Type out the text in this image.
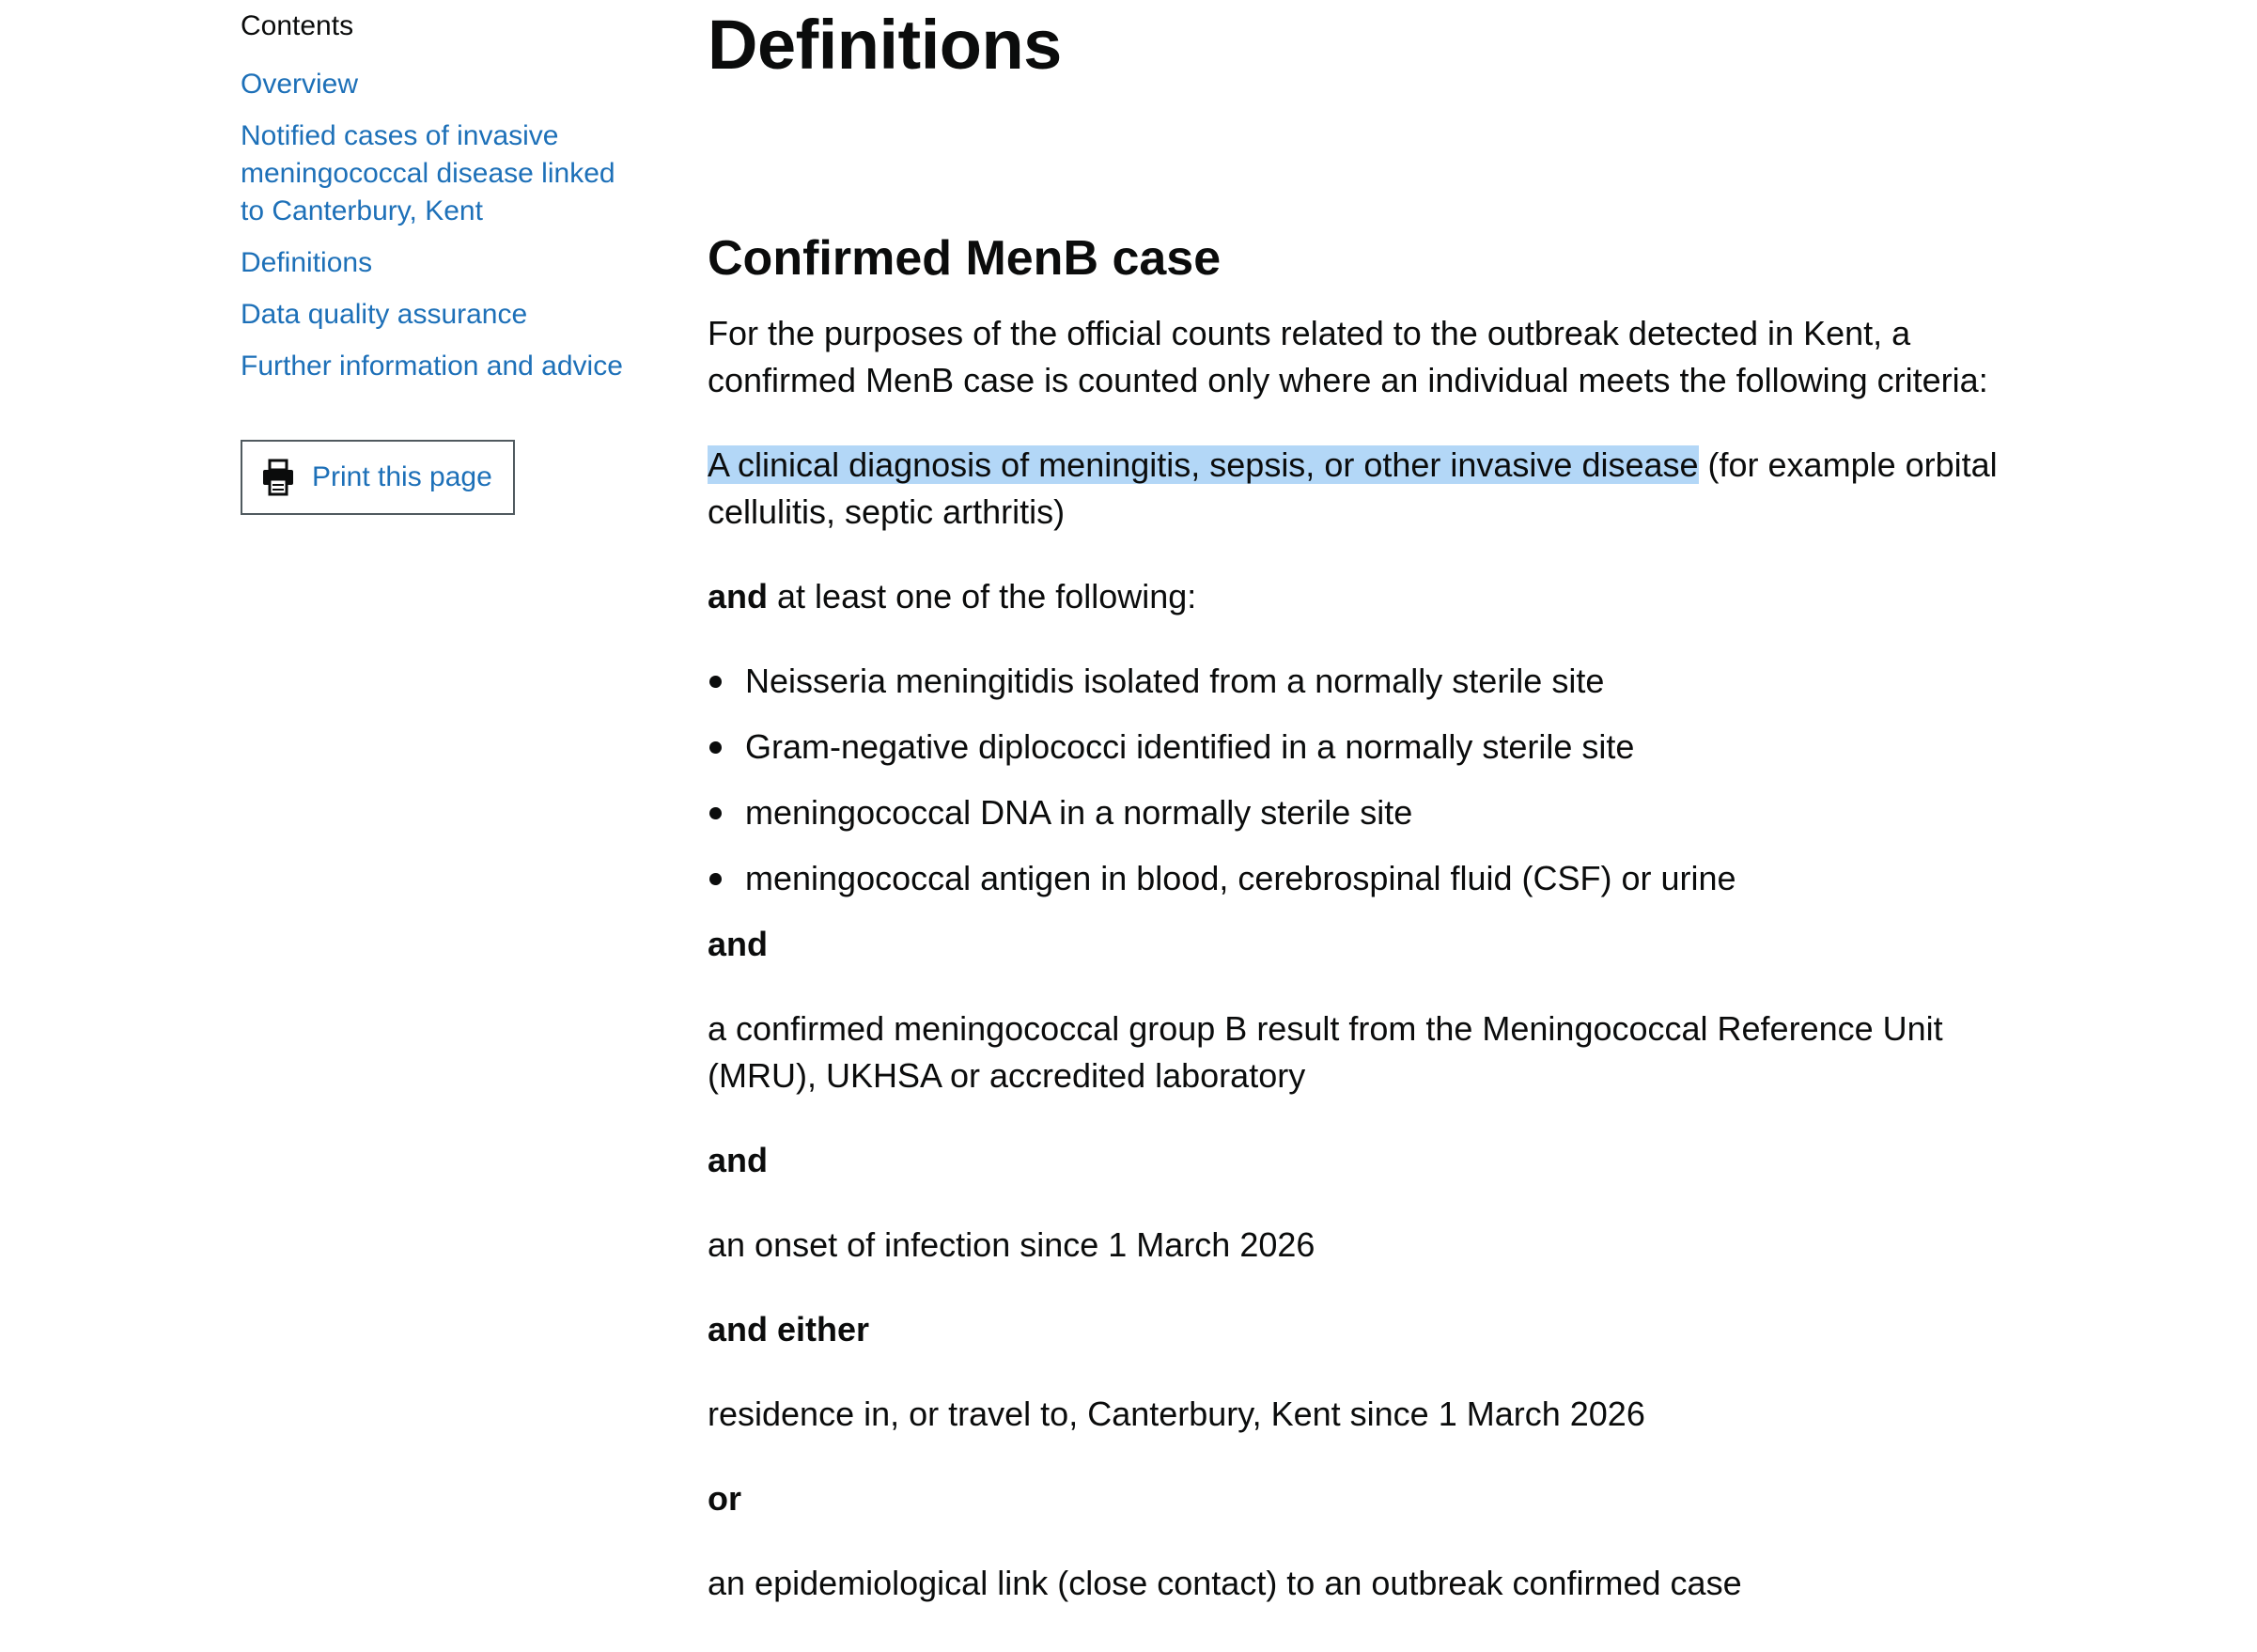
Contents
Overview
Notified cases of invasive meningococcal disease linked to Canterbury, Kent
Definitions
Data quality assurance
Further information and advice
Print this page
Definitions
Confirmed MenB case

For the purposes of the official counts related to the outbreak detected in Kent, a confirmed MenB case is counted only where an individual meets the following criteria:

A clinical diagnosis of meningitis, sepsis, or other invasive disease (for example orbital cellulitis, septic arthritis)

and at least one of the following:

Neisseria meningitidis isolated from a normally sterile site
Gram-negative diplococci identified in a normally sterile site
meningococcal DNA in a normally sterile site
meningococcal antigen in blood, cerebrospinal fluid (CSF) or urine

and

a confirmed meningococcal group B result from the Meningococcal Reference Unit (MRU), UKHSA or accredited laboratory

and

an onset of infection since 1 March 2026

and either

residence in, or travel to, Canterbury, Kent since 1 March 2026

or

an epidemiological link (close contact) to an outbreak confirmed case
